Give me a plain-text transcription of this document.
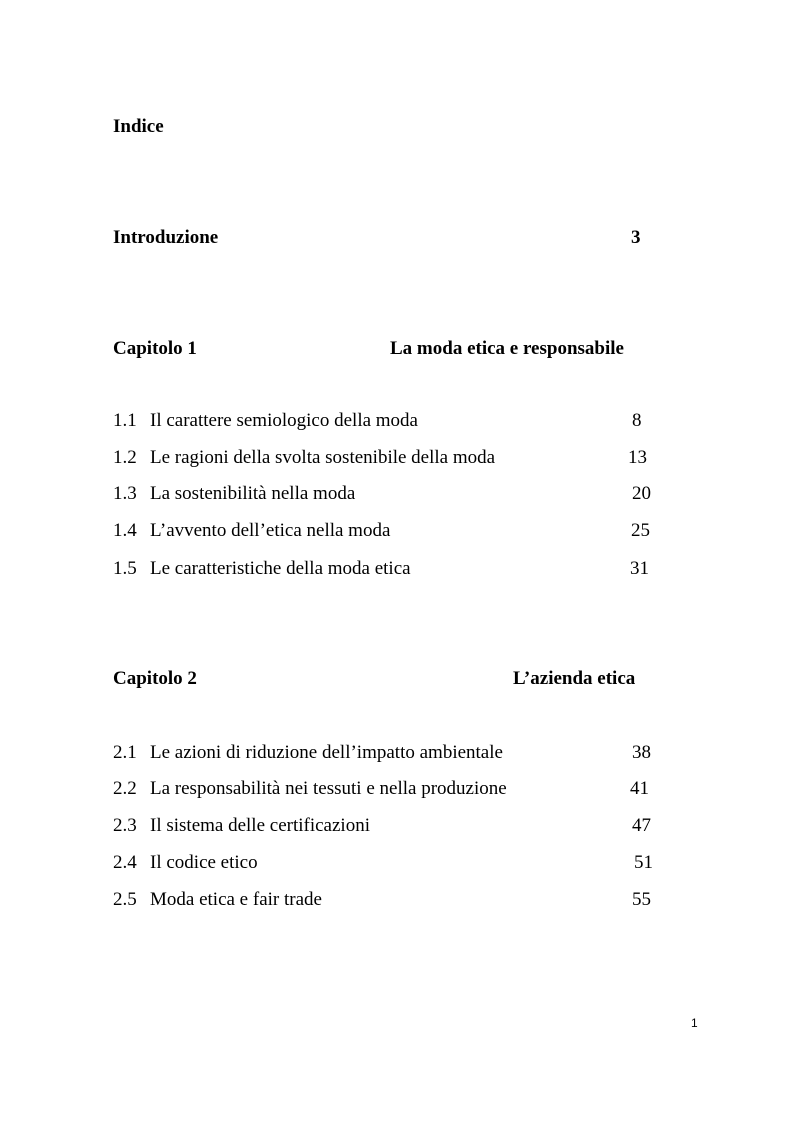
Indice
Introduzione	3
Capitolo 1	La moda etica e responsabile
1.1 Il carattere semiologico della moda	8
1.2 Le ragioni della svolta sostenibile della moda	13
1.3 La sostenibilità nella moda	20
1.4 L’avvento dell’etica nella moda	25
1.5 Le caratteristiche della moda etica	31
Capitolo 2	L’azienda etica
2.1 Le azioni di riduzione dell’impatto ambientale	38
2.2 La responsabilità nei tessuti e nella produzione	41
2.3 Il sistema delle certificazioni	47
2.4 Il codice etico	51
2.5 Moda etica e fair trade	55
1
